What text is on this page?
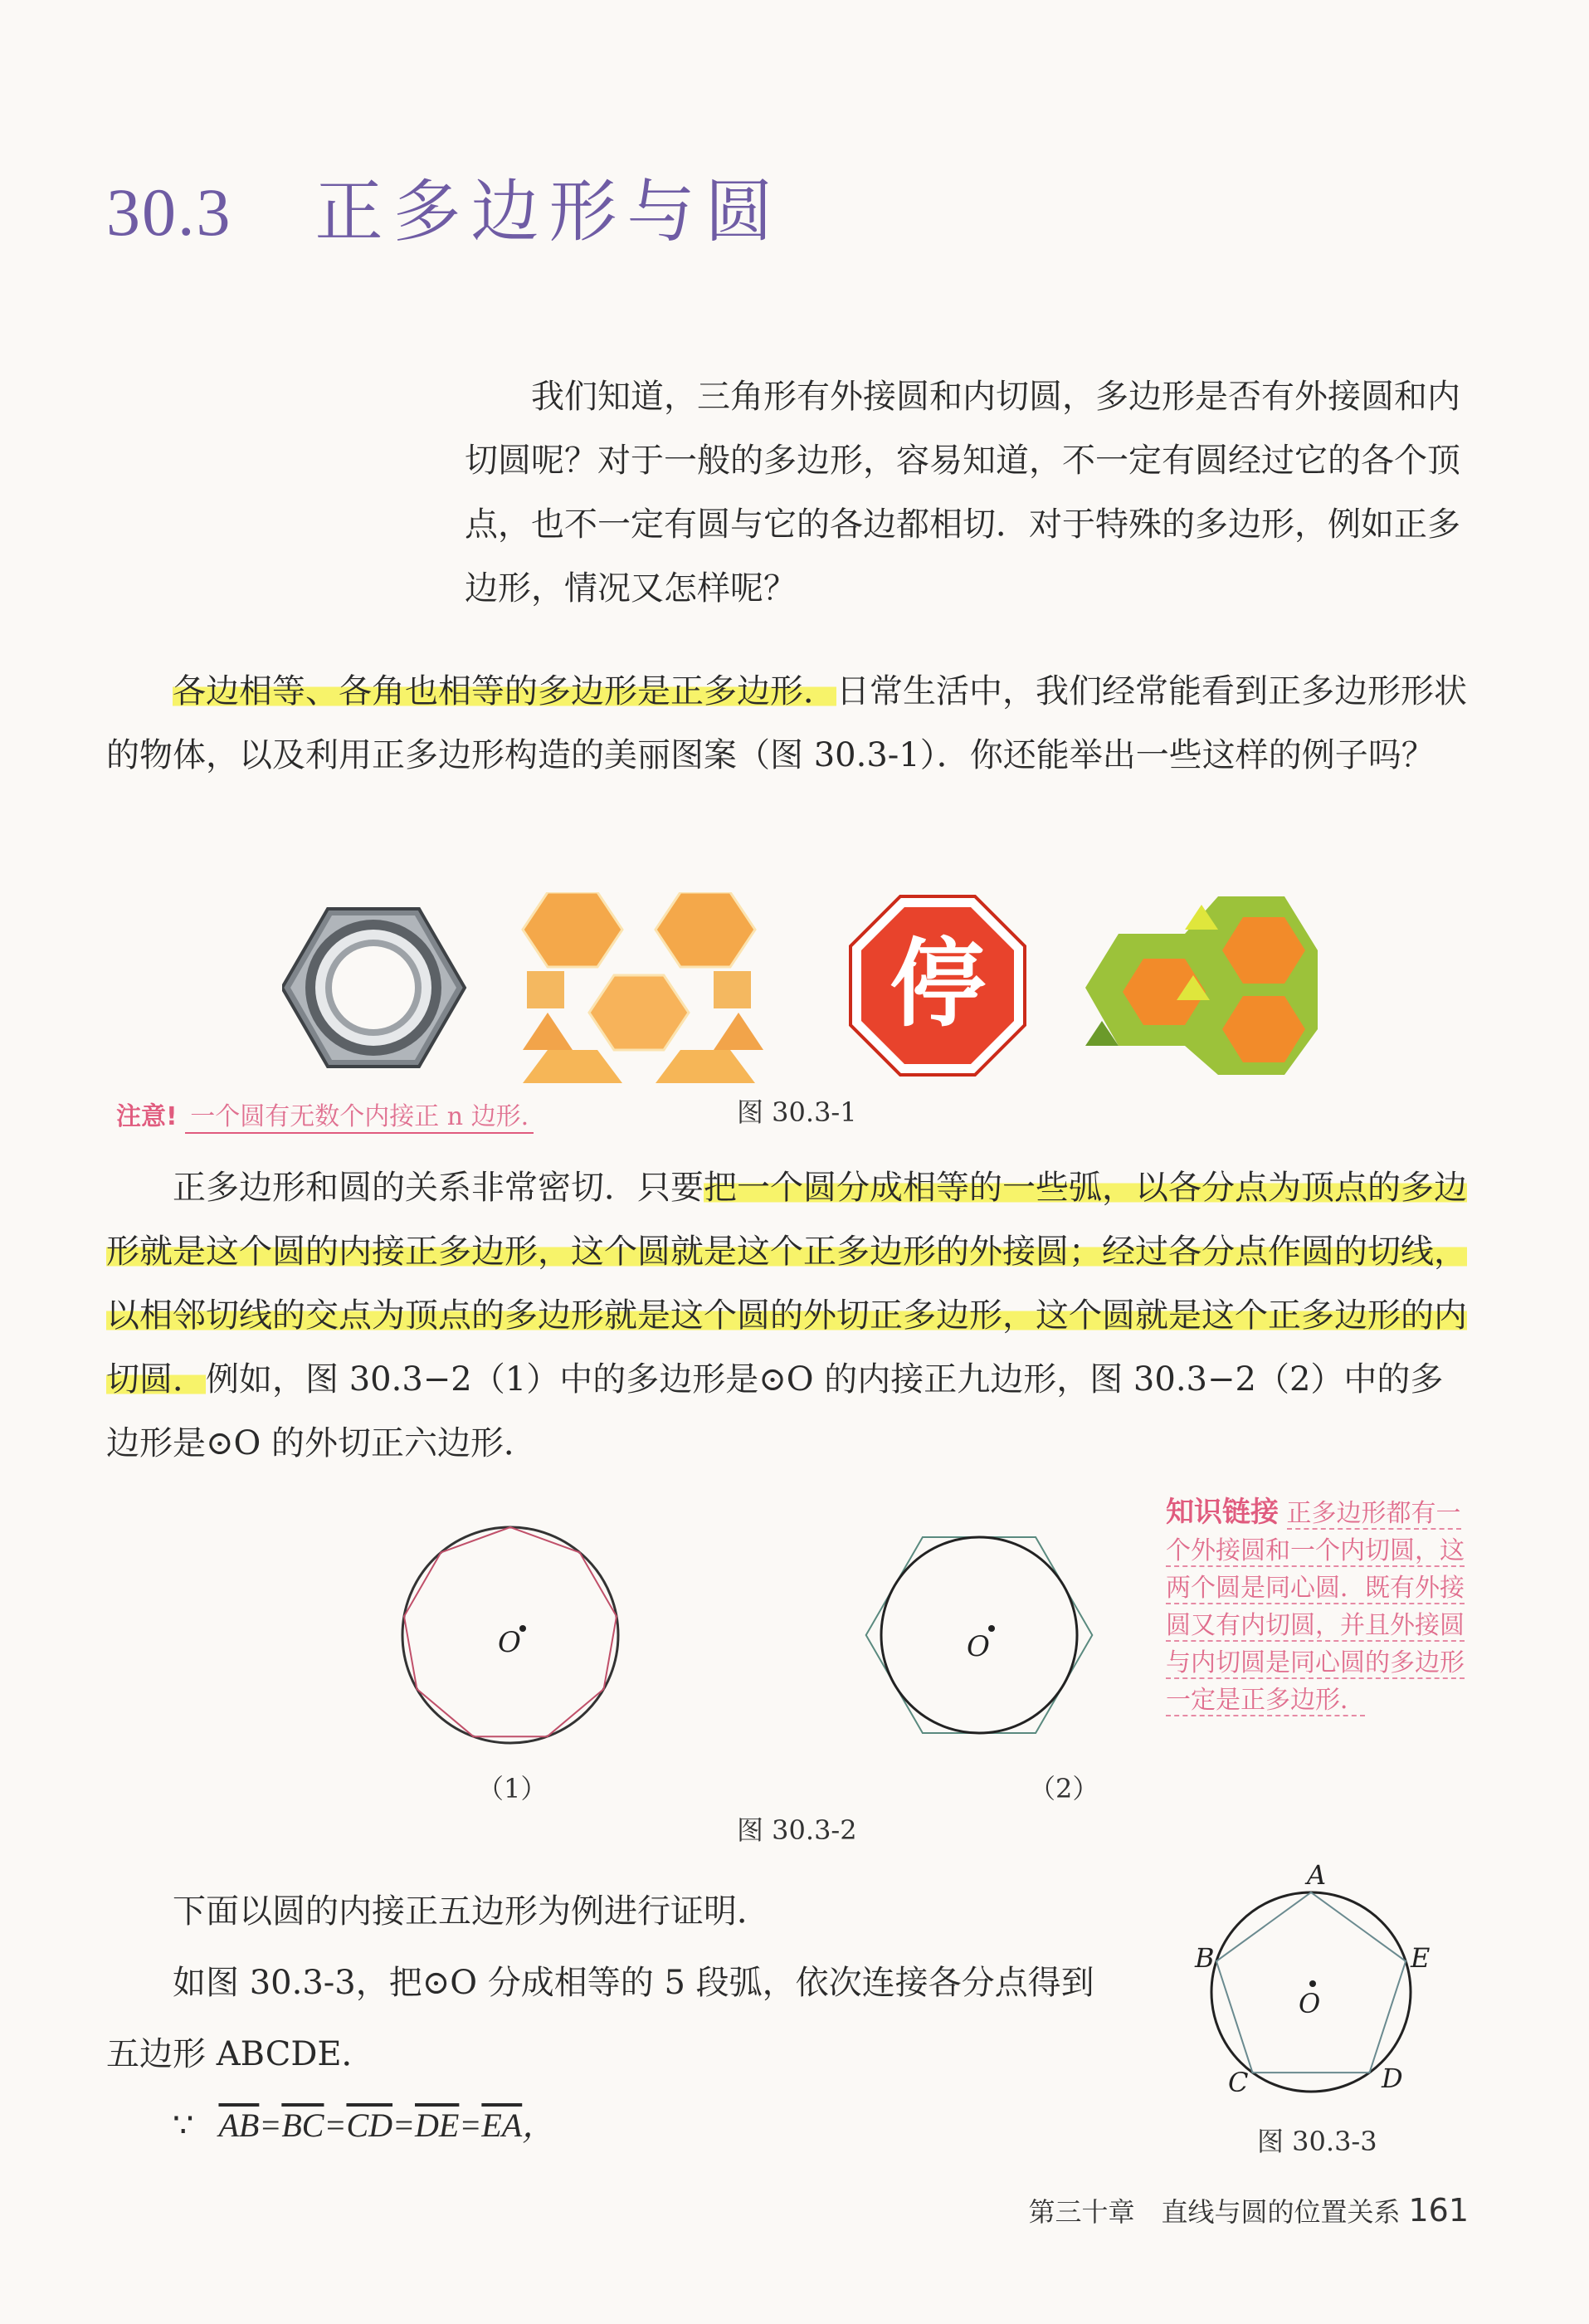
30.3 正多边形与圆
我们知道，三角形有外接圆和内切圆，多边形是否有外接圆和内切圆呢？对于一般的多边形，容易知道，不一定有圆经过它的各个顶点，也不一定有圆与它的各边都相切．对于特殊的多边形，例如正多边形，情况又怎样呢？
各边相等、各角也相等的多边形是正多边形．日常生活中，我们经常能看到正多边形形状的物体，以及利用正多边形构造的美丽图案（图 30.3-1）．你还能举出一些这样的例子吗？
停
图 30.3-1
注意! 一个圆有无数个内接正 n 边形.
正多边形和圆的关系非常密切．只要把一个圆分成相等的一些弧，以各分点为顶点的多边形就是这个圆的内接正多边形，这个圆就是这个正多边形的外接圆；经过各分点作圆的切线，以相邻切线的交点为顶点的多边形就是这个圆的外切正多边形，这个圆就是这个正多边形的内切圆．例如，图 30.3−2（1）中的多边形是⊙O 的内接正九边形，图 30.3−2（2）中的多边形是⊙O 的外切正六边形．
O	O
（1）	（2）
图 30.3-2
知识链接 正多边形都有一个外接圆和一个内切圆，这两个圆是同心圆．既有外接圆又有内切圆，并且外接圆与内切圆是同心圆的多边形一定是正多边形．
下面以圆的内接正五边形为例进行证明．
如图 30.3-3，把⊙O 分成相等的 5 段弧，依次连接各分点得到五边形 ABCDE．
∵ $\overline{AB}=\overline{BC}=\overline{CD}=\overline{DE}=\overline{EA}$，
A
B
C	D
E
O
图 30.3-3
第三十章　直线与圆的位置关系 161
